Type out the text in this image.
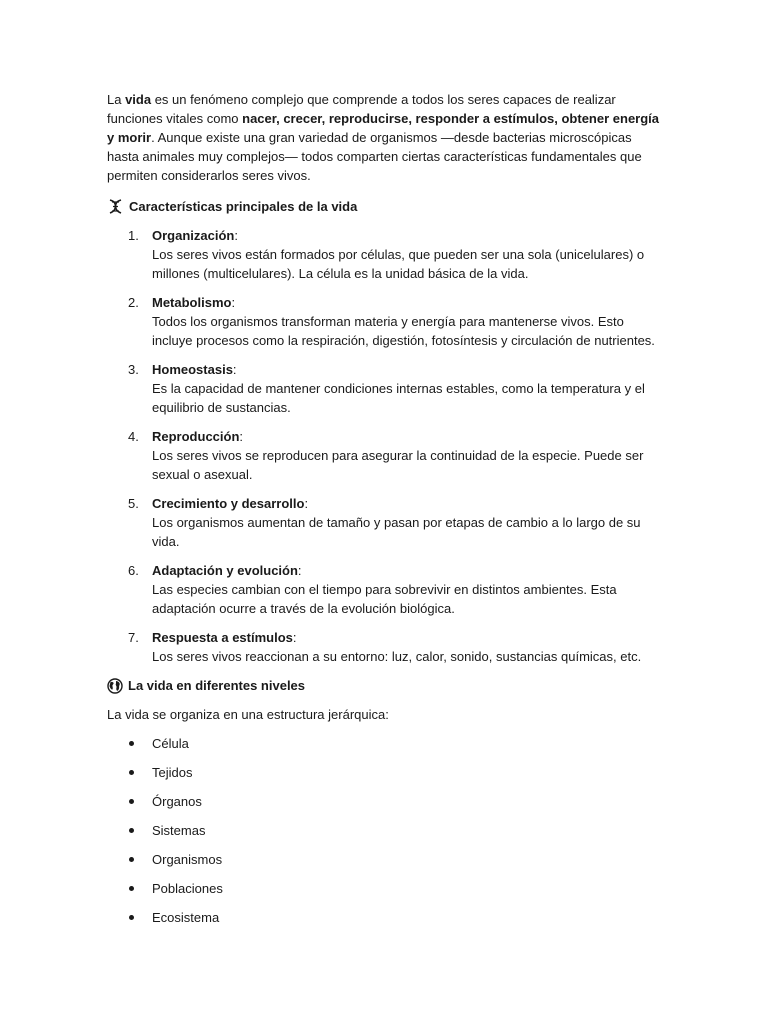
La vida es un fenómeno complejo que comprende a todos los seres capaces de realizar funciones vitales como nacer, crecer, reproducirse, responder a estímulos, obtener energía y morir. Aunque existe una gran variedad de organismos —desde bacterias microscópicas hasta animales muy complejos— todos comparten ciertas características fundamentales que permiten considerarlos seres vivos.

Características principales de la vida
1. Organización:
Los seres vivos están formados por células, que pueden ser una sola (unicelulares) o millones (multicelulares). La célula es la unidad básica de la vida.
2. Metabolismo:
Todos los organismos transforman materia y energía para mantenerse vivos. Esto incluye procesos como la respiración, digestión, fotosíntesis y circulación de nutrientes.
3. Homeostasis:
Es la capacidad de mantener condiciones internas estables, como la temperatura y el equilibrio de sustancias.
4. Reproducción:
Los seres vivos se reproducen para asegurar la continuidad de la especie. Puede ser sexual o asexual.
5. Crecimiento y desarrollo:
Los organismos aumentan de tamaño y pasan por etapas de cambio a lo largo de su vida.
6. Adaptación y evolución:
Las especies cambian con el tiempo para sobrevivir en distintos ambientes. Esta adaptación ocurre a través de la evolución biológica.
7. Respuesta a estímulos:
Los seres vivos reaccionan a su entorno: luz, calor, sonido, sustancias químicas, etc.
La vida en diferentes niveles

La vida se organiza en una estructura jerárquica:

Célula
Tejidos
Órganos
Sistemas
Organismos
Poblaciones
Ecosistema
